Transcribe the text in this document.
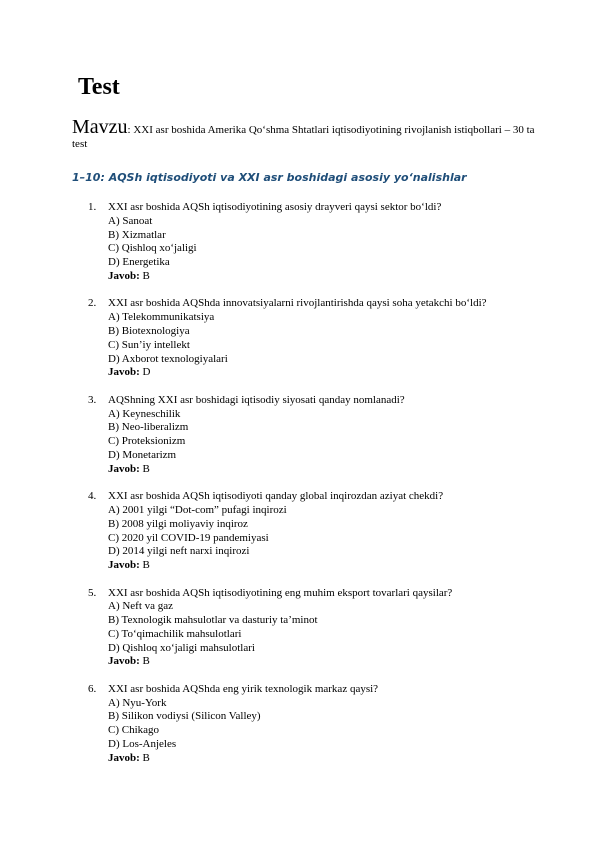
Test

Mavzu: XXI asr boshida Amerika Qo‘shma Shtatlari iqtisodiyotining rivojlanish istiqbollari – 30 ta test

1–10: AQSh iqtisodiyoti va XXI asr boshidagi asosiy yo‘nalishlar
1. XXI asr boshida AQSh iqtisodiyotining asosiy drayveri qaysi sektor bo‘ldi?
A) Sanoat
B) Xizmatlar
C) Qishloq xo‘jaligi
D) Energetika
Javob: B
2. XXI asr boshida AQShda innovatsiyalarni rivojlantirishda qaysi soha yetakchi bo‘ldi?
A) Telekommunikatsiya
B) Biotexnologiya
C) Sun’iy intellekt
D) Axborot texnologiyalari
Javob: D
3. AQShning XXI asr boshidagi iqtisodiy siyosati qanday nomlanadi?
A) Keyneschilik
B) Neo-liberalizm
C) Proteksionizm
D) Monetarizm
Javob: B
4. XXI asr boshida AQSh iqtisodiyoti qanday global inqirozdan aziyat chekdi?
A) 2001 yilgi “Dot-com” pufagi inqirozi
B) 2008 yilgi moliyaviy inqiroz
C) 2020 yil COVID-19 pandemiyasi
D) 2014 yilgi neft narxi inqirozi
Javob: B
5. XXI asr boshida AQSh iqtisodiyotining eng muhim eksport tovarlari qaysilar?
A) Neft va gaz
B) Texnologik mahsulotlar va dasturiy ta’minot
C) To‘qimachilik mahsulotlari
D) Qishloq xo‘jaligi mahsulotlari
Javob: B
6. XXI asr boshida AQShda eng yirik texnologik markaz qaysi?
A) Nyu-York
B) Silikon vodiysi (Silicon Valley)
C) Chikago
D) Los-Anjeles
Javob: B
